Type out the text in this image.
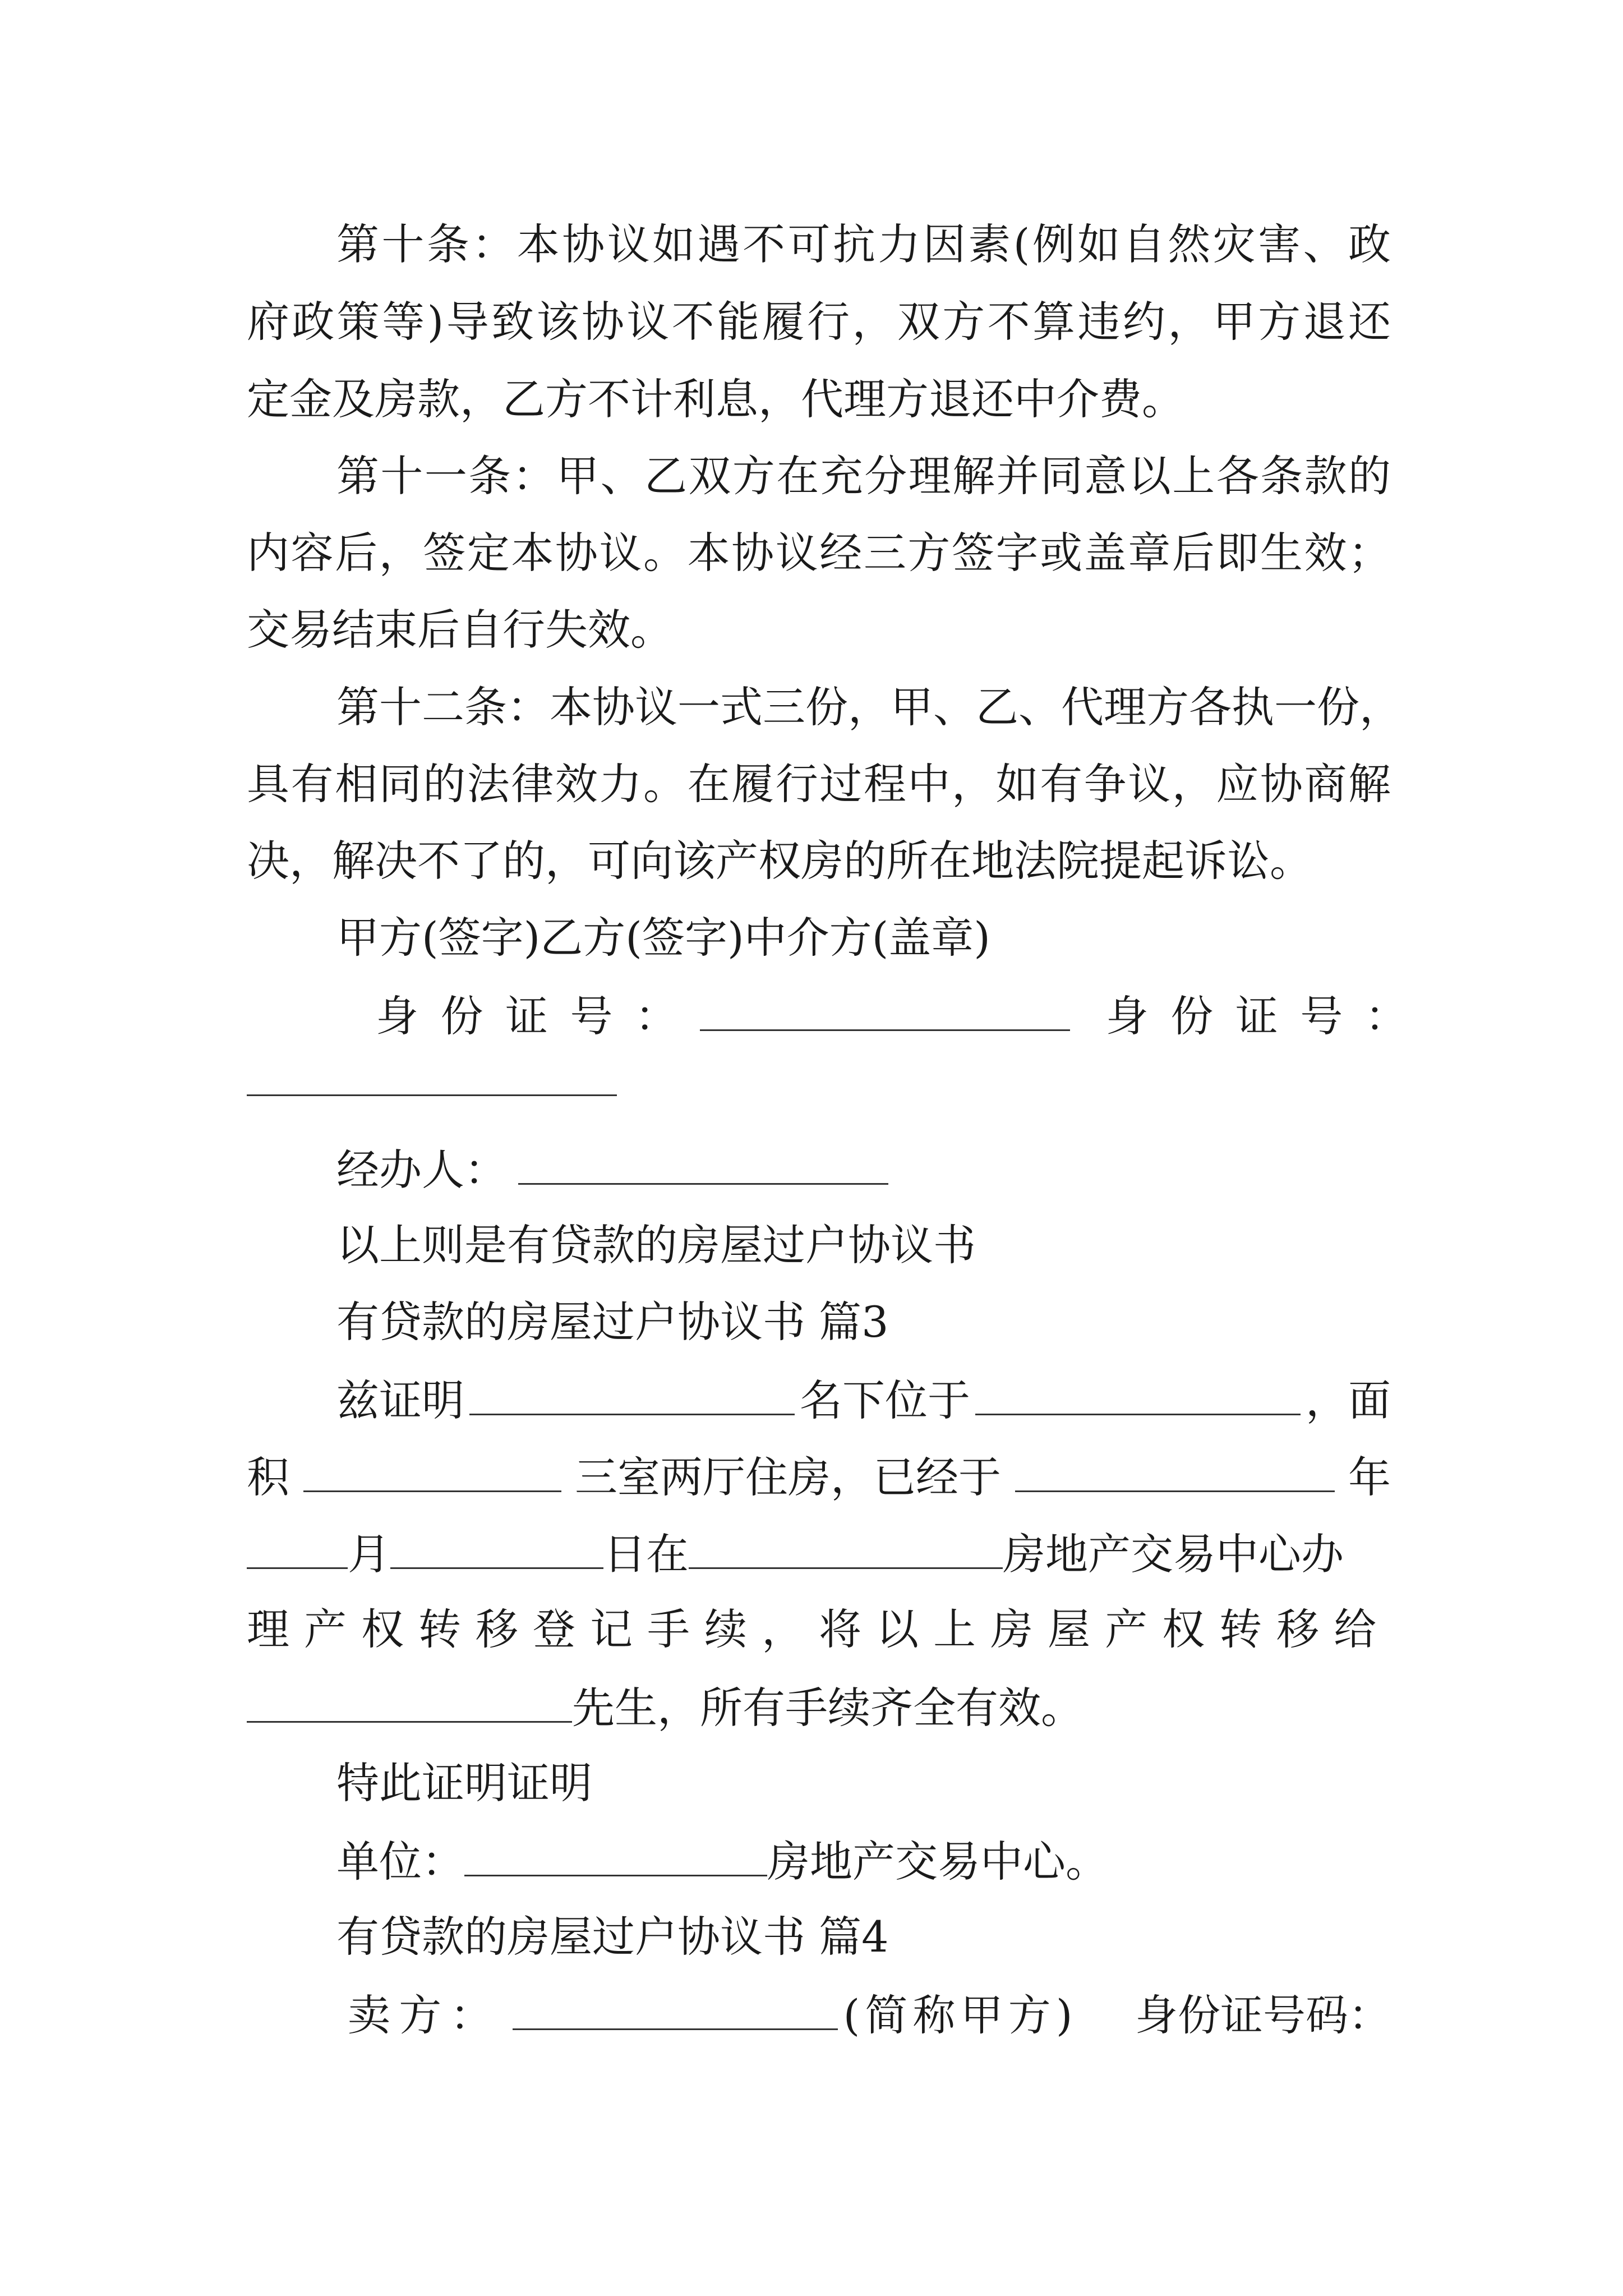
第十条：本协议如遇不可抗力因素(例如自然灾害、政
府政策等)导致该协议不能履行，双方不算违约，甲方退还
定金及房款，乙方不计利息，代理方退还中介费。
第十一条：甲、乙双方在充分理解并同意以上各条款的
内容后，签定本协议。本协议经三方签字或盖章后即生效；
交易结束后自行失效。
第十二条：本协议一式三份，甲、乙、代理方各执一份，
具有相同的法律效力。在履行过程中，如有争议，应协商解
决，解决不了的，可向该产权房的所在地法院提起诉讼。
甲方(签字)乙方(签字)中介方(盖章)
身份证号：	身份证号：
经办人：
以上则是有贷款的房屋过户协议书
有贷款的房屋过户协议书 篇3
兹证明	名下位于	，面
积	三室两厅住房，已经于	年
月	日在	房地产交易中心办
理产权转移登记手续，将以上房屋产权转移给
先生，所有手续齐全有效。
特此证明证明
单位：	房地产交易中心。
有贷款的房屋过户协议书 篇4
卖方：	(简称甲方) 身份证号码：
